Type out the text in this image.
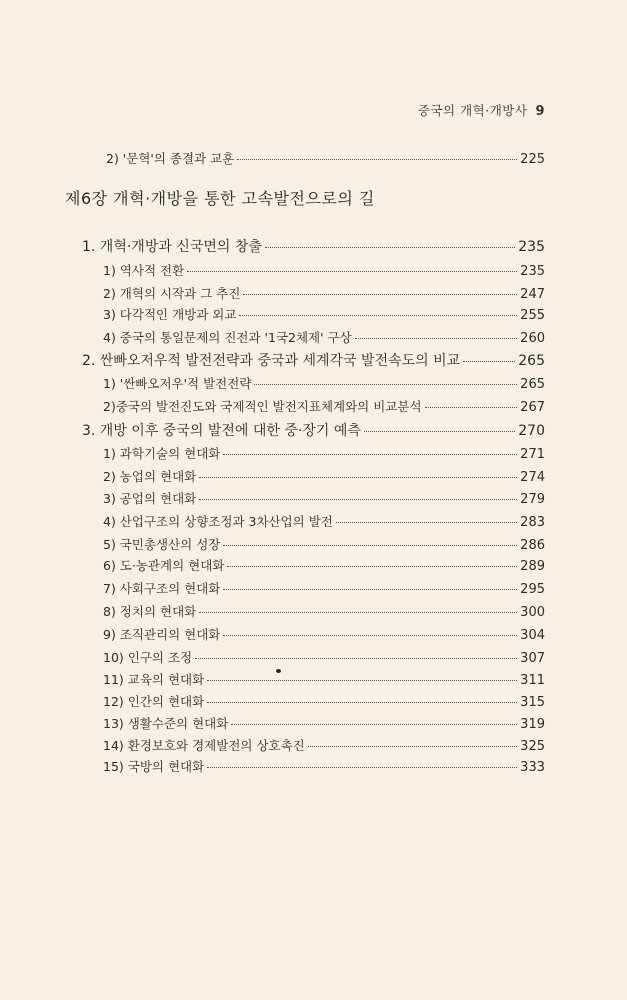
중국의 개혁·개방사 9
2) '문혁'의 종결과 교훈	225
제6장 개혁·개방을 통한 고속발전으로의 길
1. 개혁·개방과 신국면의 창출	235
1) 역사적 전환	235
2) 개혁의 시작과 그 추진	247
3) 다각적인 개방과 외교	255
4) 중국의 통일문제의 진전과 '1국2체제' 구상	260
2. 싼빠오저우적 발전전략과 중국과 세계각국 발전속도의 비교	265
1) '싼빠오저우'적 발전전략	265
2)중국의 발전진도와 국제적인 발전지표체계와의 비교분석	267
3. 개방 이후 중국의 발전에 대한 중·장기 예측	270
1) 과학기술의 현대화	271
2) 농업의 현대화	274
3) 공업의 현대화	279
4) 산업구조의 상향조정과 3차산업의 발전	283
5) 국민총생산의 성장	286
6) 도·농관계의 현대화	289
7) 사회구조의 현대화	295
8) 정치의 현대화	300
9) 조직관리의 현대화	304
10) 인구의 조정	307
11) 교육의 현대화	311
12) 인간의 현대화	315
13) 생활수준의 현대화	319
14) 환경보호와 경제발전의 상호촉진	325
15) 국방의 현대화	333
